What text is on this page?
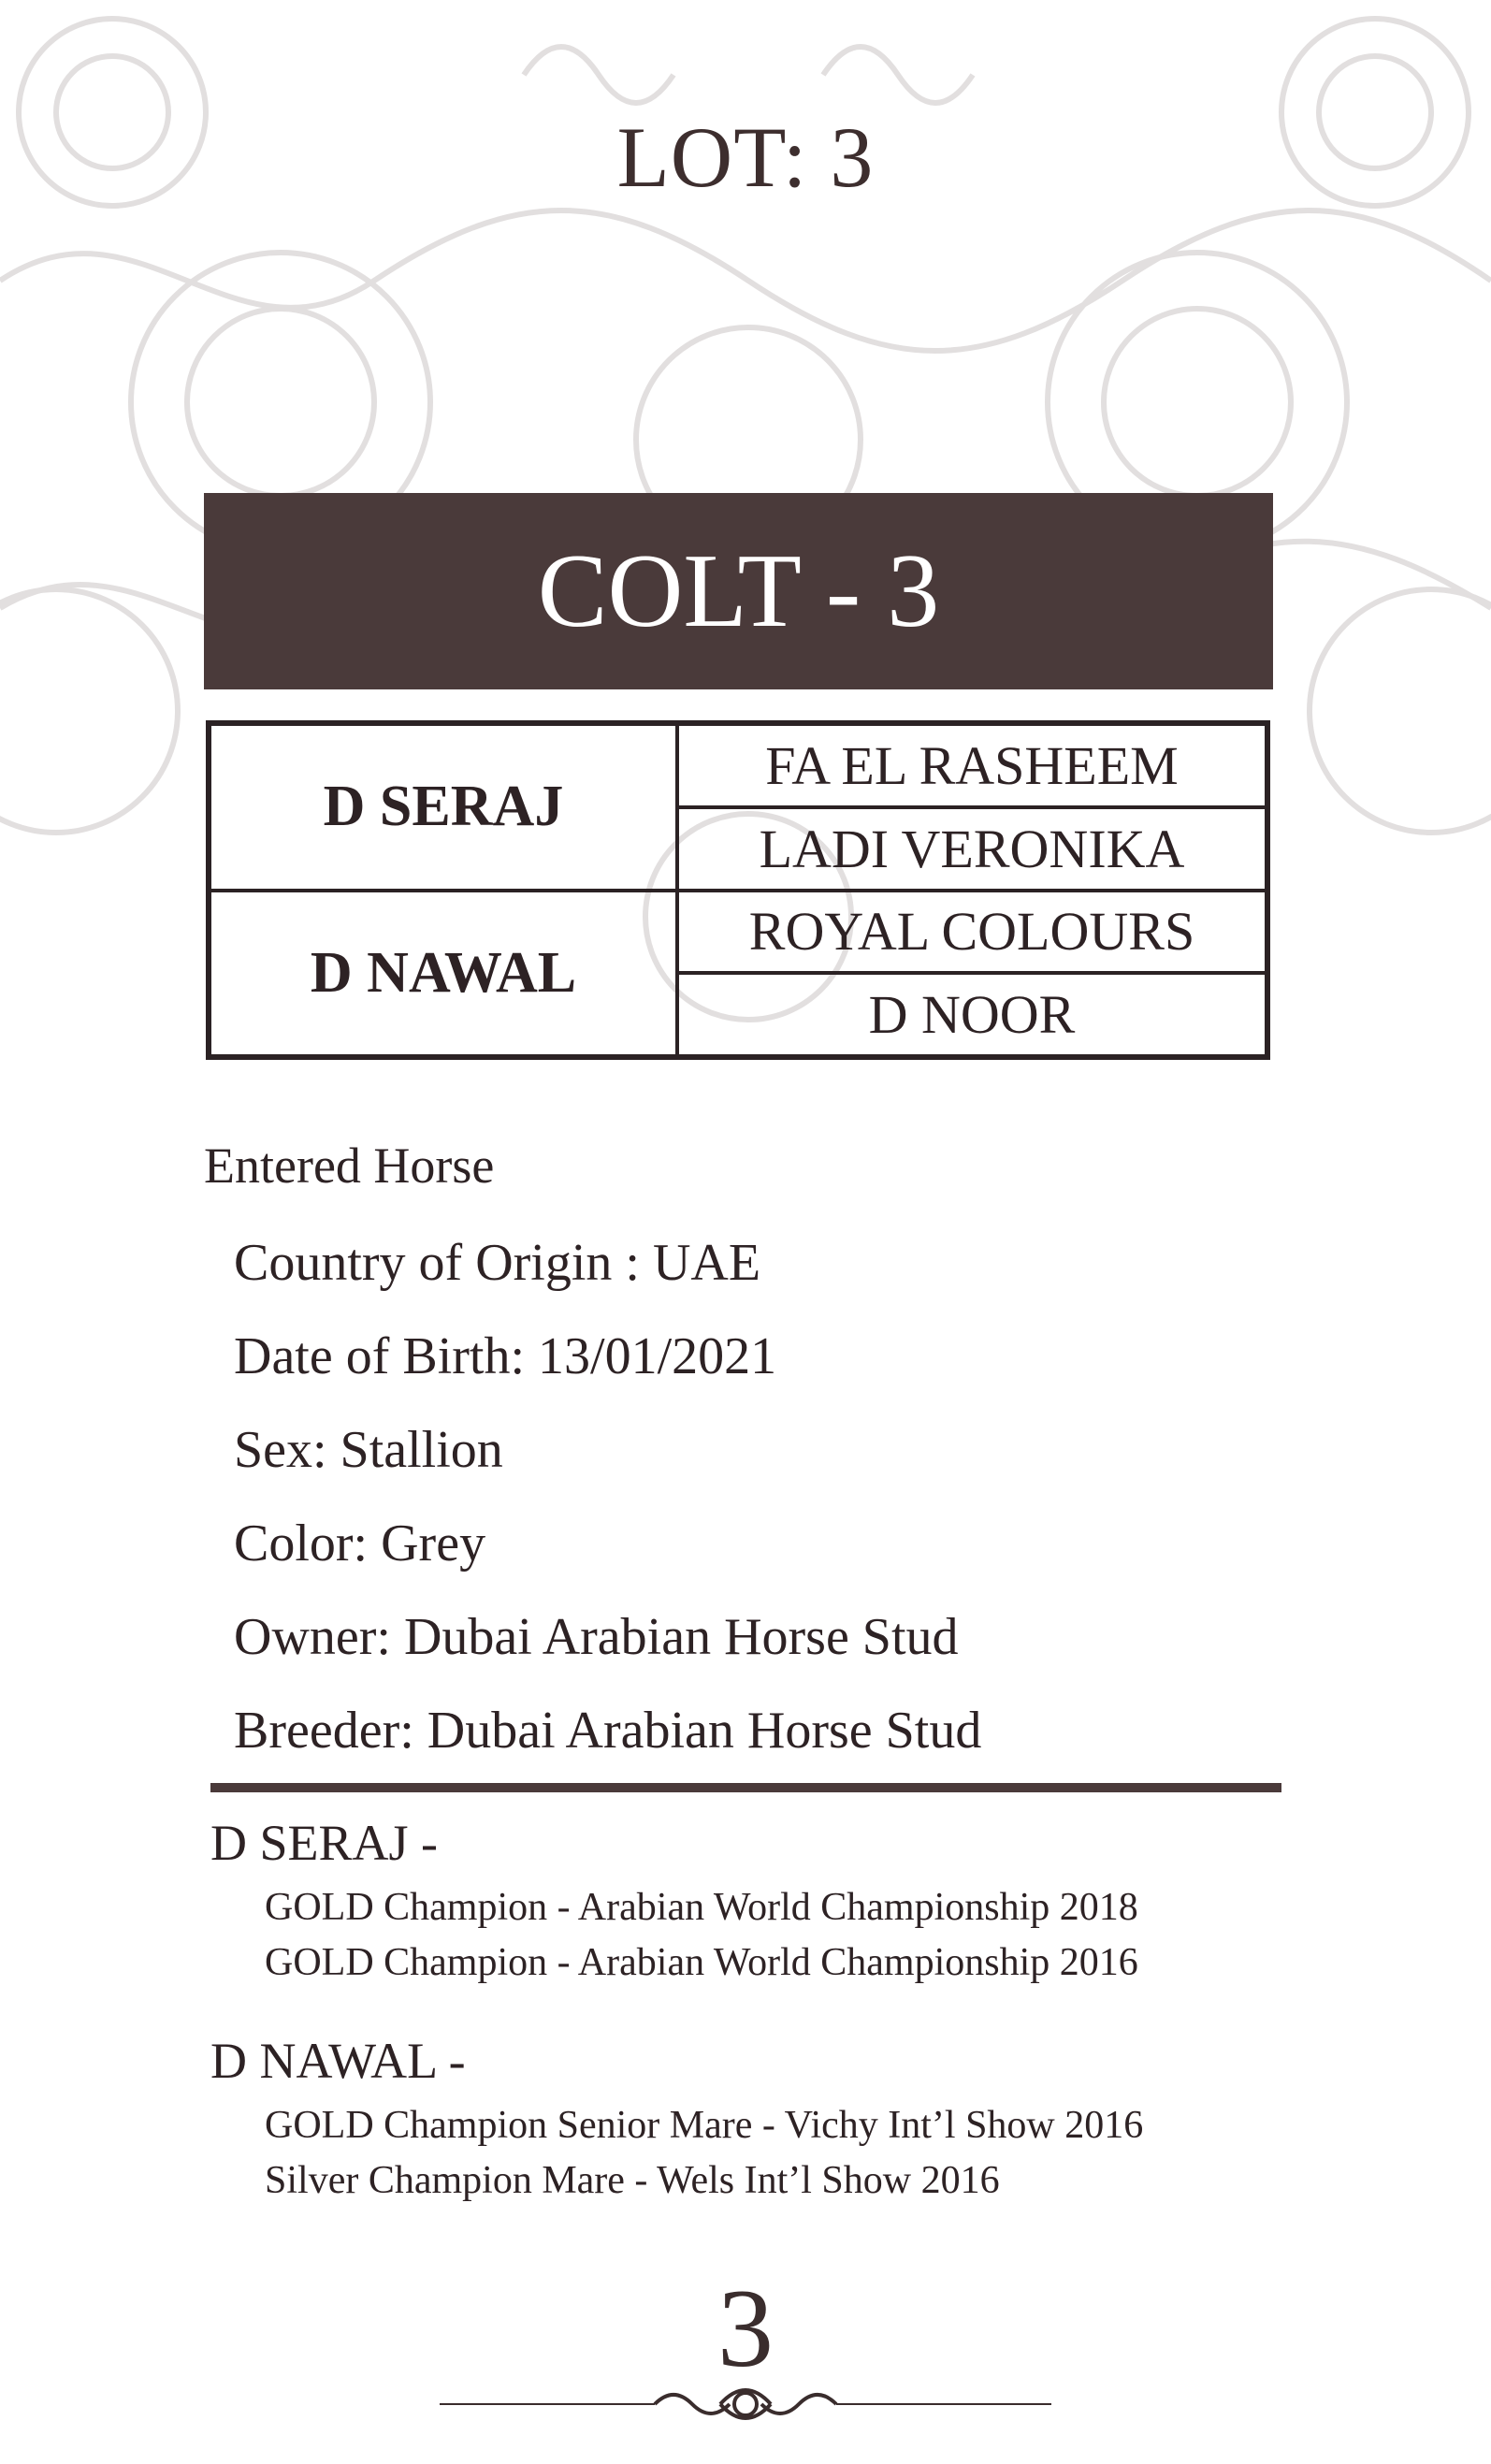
LOT: 3
COLT - 3
D SERAJ
FA EL RASHEEM
LADI VERONIKA
D NAWAL
ROYAL COLOURS
D NOOR
Entered Horse
Country of Origin : UAE
Date of Birth: 13/01/2021
Sex: Stallion
Color: Grey
Owner: Dubai Arabian Horse Stud
Breeder: Dubai Arabian Horse Stud
D SERAJ -
GOLD Champion - Arabian World Championship 2018
GOLD Champion - Arabian World Championship 2016
D NAWAL -
GOLD Champion Senior Mare - Vichy Int’l Show 2016
Silver Champion Mare - Wels Int’l Show 2016
3
